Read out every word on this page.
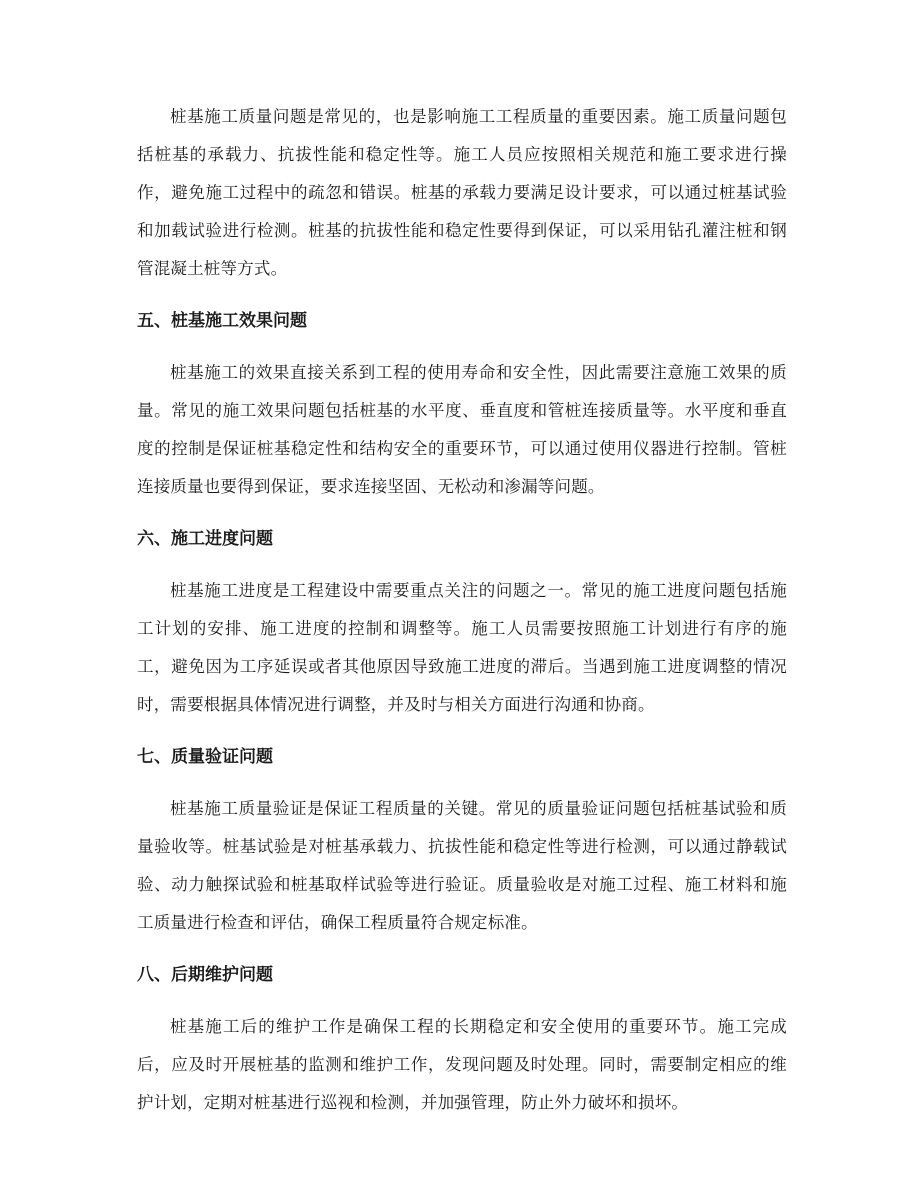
桩基施工质量问题是常见的，也是影响施工工程质量的重要因素。施工质量问题包括桩基的承载力、抗拔性能和稳定性等。施工人员应按照相关规范和施工要求进行操作，避免施工过程中的疏忽和错误。桩基的承载力要满足设计要求，可以通过桩基试验和加载试验进行检测。桩基的抗拔性能和稳定性要得到保证，可以采用钻孔灌注桩和钢管混凝土桩等方式。

五、桩基施工效果问题

桩基施工的效果直接关系到工程的使用寿命和安全性，因此需要注意施工效果的质量。常见的施工效果问题包括桩基的水平度、垂直度和管桩连接质量等。水平度和垂直度的控制是保证桩基稳定性和结构安全的重要环节，可以通过使用仪器进行控制。管桩连接质量也要得到保证，要求连接坚固、无松动和渗漏等问题。

六、施工进度问题

桩基施工进度是工程建设中需要重点关注的问题之一。常见的施工进度问题包括施工计划的安排、施工进度的控制和调整等。施工人员需要按照施工计划进行有序的施工，避免因为工序延误或者其他原因导致施工进度的滞后。当遇到施工进度调整的情况时，需要根据具体情况进行调整，并及时与相关方面进行沟通和协商。

七、质量验证问题

桩基施工质量验证是保证工程质量的关键。常见的质量验证问题包括桩基试验和质量验收等。桩基试验是对桩基承载力、抗拔性能和稳定性等进行检测，可以通过静载试验、动力触探试验和桩基取样试验等进行验证。质量验收是对施工过程、施工材料和施工质量进行检查和评估，确保工程质量符合规定标准。

八、后期维护问题

桩基施工后的维护工作是确保工程的长期稳定和安全使用的重要环节。施工完成后，应及时开展桩基的监测和维护工作，发现问题及时处理。同时，需要制定相应的维护计划，定期对桩基进行巡视和检测，并加强管理，防止外力破坏和损坏。
